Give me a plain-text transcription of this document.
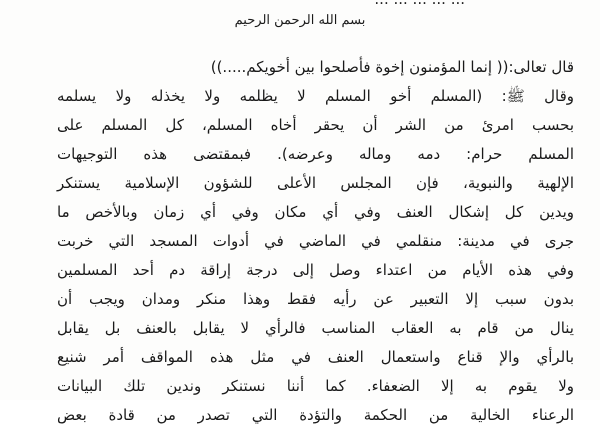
بسم الله الرحمن الرحيم
قال تعالى:(( إنما المؤمنون إخوة فأصلحوا بين أخويكم.....))
وقال ﷺ: (المسلم أخو المسلم لا يظلمه ولا يخذله ولا يسلمه
بحسب امرئ من الشر أن يحقر أخاه المسلم، كل المسلم على
المسلم حرام: دمه وماله وعرضه). فبمقتضى هذه التوجيهات
الإلهية والنبوية، فإن المجلس الأعلى للشؤون الإسلامية يستنكر
ويدين كل إشكال العنف وفي أي مكان وفي أي زمان وبالأخص ما
جرى في مدينة: منقلمي في الماضي في أدوات المسجد التي خربت
وفي هذه الأيام من اعتداء وصل إلى درجة إراقة دم أحد المسلمين
بدون سبب إلا التعبير عن رأيه فقط وهذا منكر ومدان ويجب أن
ينال من قام به العقاب المناسب فالرأي لا يقابل بالعنف بل يقابل
بالرأي والإ قناع واستعمال العنف في مثل هذه المواقف أمر شنيع
ولا يقوم به إلا الضعفاء. كما أننا نستنكر وندين تلك البيانات
الرعناء الخالية من الحكمة والتؤدة التي تصدر من قادة بعض
